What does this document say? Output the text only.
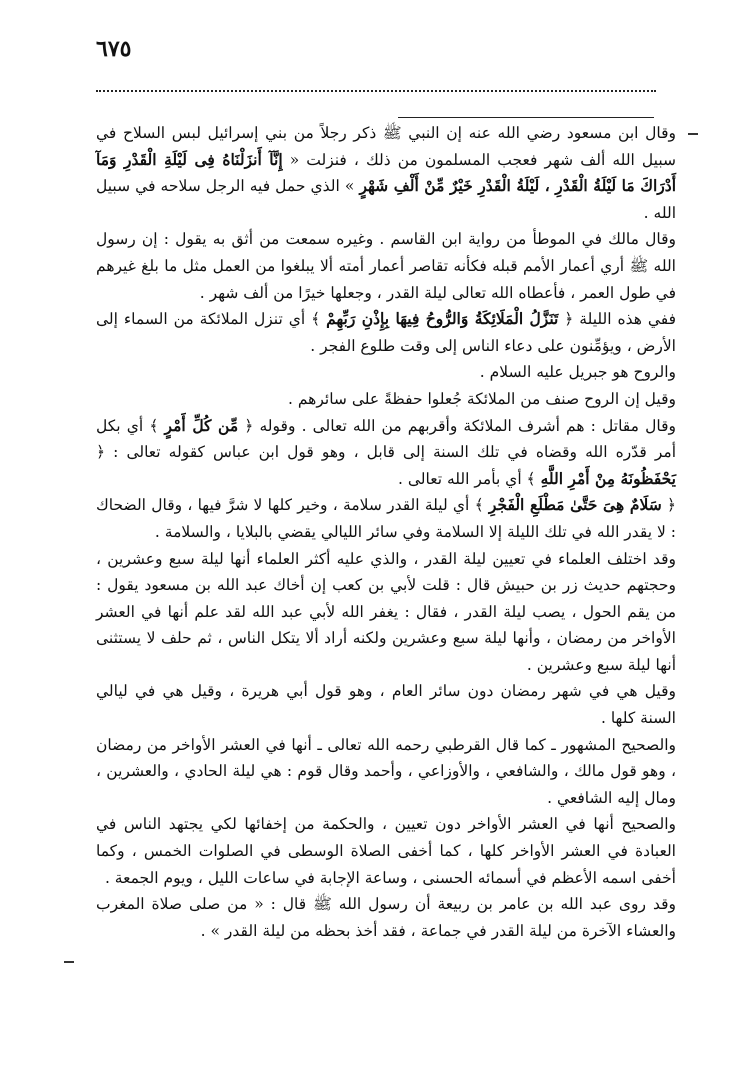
٦٧٥

وقال ابن مسعود رضي الله عنه إن النبي ﷺ ذكر رجلاً من بني إسرائيل لبس السلاح في سبيل الله ألف شهر فعجب المسلمون من ذلك ، فنزلت « إِنَّآ أَنزَلْنَاهُ فِى لَيْلَةِ الْقَدْرِ وَمَآ أَدْرَاكَ مَا لَيْلَةُ الْقَدْرِ ، لَيْلَةُ الْقَدْرِ خَيْرٌ مِّنْ أَلْفِ شَهْرٍ » الذي حمل فيه الرجل سلاحه في سبيل الله .

وقال مالك في الموطأ من رواية ابن القاسم . وغيره سمعت من أثق به يقول : إن رسول الله ﷺ أري أعمار الأمم قبله فكأنه تقاصر أعمار أمته ألا يبلغوا من العمل مثل ما بلغ غيرهم في طول العمر ، فأعطاه الله تعالى ليلة القدر ، وجعلها خيرًا من ألف شهر .

ففي هذه الليلة ﴿ تَنَزَّلُ الْمَلَائِكَةُ وَالرُّوحُ فِيهَا بِإِذْنِ رَبِّهِمْ ﴾ أي تنزل الملائكة من السماء إلى الأرض ، ويؤمِّنون على دعاء الناس إلى وقت طلوع الفجر .

والروح هو جبريل عليه السلام .

وقيل إن الروح صنف من الملائكة جُعلوا حفظةً على سائرهم .

وقال مقاتل : هم أشرف الملائكة وأقربهم من الله تعالى . وقوله ﴿ مِّن كُلِّ أَمْرٍ ﴾ أي بكل أمر قدّره الله وقضاه في تلك السنة إلى قابل ، وهو قول ابن عباس كقوله تعالى : ﴿ يَحْفَظُونَهُ مِنْ أَمْرِ اللَّهِ ﴾ أي بأمر الله تعالى .

﴿ سَلَامٌ هِىَ حَتَّىٰ مَطْلَعِ الْفَجْرِ ﴾ أي ليلة القدر سلامة ، وخير كلها لا شرَّ فيها ، وقال الضحاك : لا يقدر الله في تلك الليلة إلا السلامة وفي سائر الليالي يقضي بالبلايا ، والسلامة .

وقد اختلف العلماء في تعيين ليلة القدر ، والذي عليه أكثر العلماء أنها ليلة سبع وعشرين ، وحجتهم حديث زر بن حبيش قال : قلت لأبي بن كعب إن أخاك عبد الله بن مسعود يقول : من يقم الحول ، يصب ليلة القدر ، فقال : يغفر الله لأبي عبد الله لقد علم أنها في العشر الأواخر من رمضان ، وأنها ليلة سبع وعشرين ولكنه أراد ألا يتكل الناس ، ثم حلف لا يستثنى أنها ليلة سبع وعشرين .

وقيل هي في شهر رمضان دون سائر العام ، وهو قول أبي هريرة ، وقيل هي في ليالي السنة كلها .

والصحيح المشهور ـ كما قال القرطبي رحمه الله تعالى ـ أنها في العشر الأواخر من رمضان ، وهو قول مالك ، والشافعي ، والأوزاعي ، وأحمد وقال قوم : هي ليلة الحادي ، والعشرين ، ومال إليه الشافعي .

والصحيح أنها في العشر الأواخر دون تعيين ، والحكمة من إخفائها لكي يجتهد الناس في العبادة في العشر الأواخر كلها ، كما أخفى الصلاة الوسطى في الصلوات الخمس ، وكما أخفى اسمه الأعظم في أسمائه الحسنى ، وساعة الإجابة في ساعات الليل ، ويوم الجمعة .

وقد روى عبد الله بن عامر بن ربيعة أن رسول الله ﷺ قال : « من صلى صلاة المغرب والعشاء الآخرة من ليلة القدر في جماعة ، فقد أخذ بحظه من ليلة القدر » .
